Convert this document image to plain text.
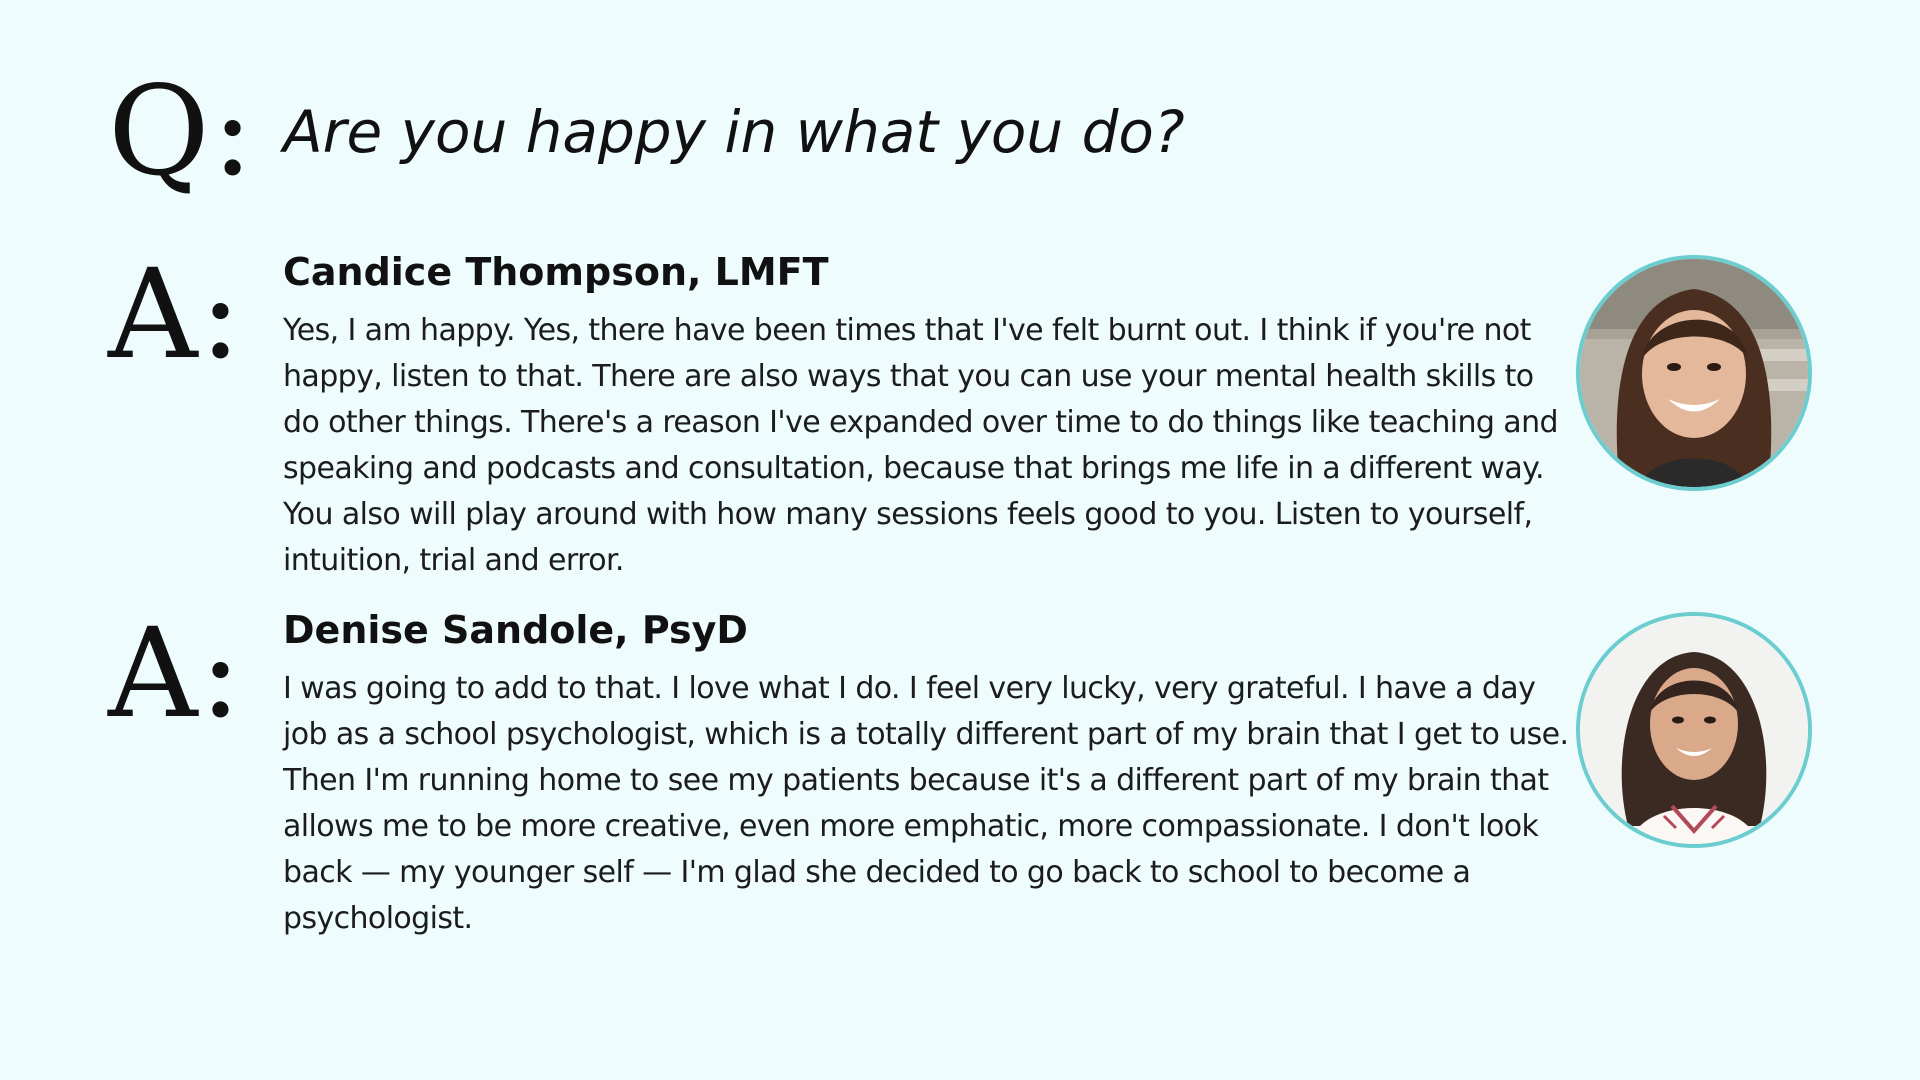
Q: Are you happy in what you do?
A: Candice Thompson, LMFT

Yes, I am happy. Yes, there have been times that I've felt burnt out. I think if you're not happy, listen to that. There are also ways that you can use your mental health skills to do other things. There's a reason I've expanded over time to do things like teaching and speaking and podcasts and consultation, because that brings me life in a different way. You also will play around with how many sessions feels good to you. Listen to yourself, intuition, trial and error.

A: Denise Sandole, PsyD

I was going to add to that. I love what I do. I feel very lucky, very grateful. I have a day job as a school psychologist, which is a totally different part of my brain that I get to use. Then I'm running home to see my patients because it's a different part of my brain that allows me to be more creative, even more emphatic, more compassionate. I don't look back — my younger self — I'm glad she decided to go back to school to become a psychologist.
